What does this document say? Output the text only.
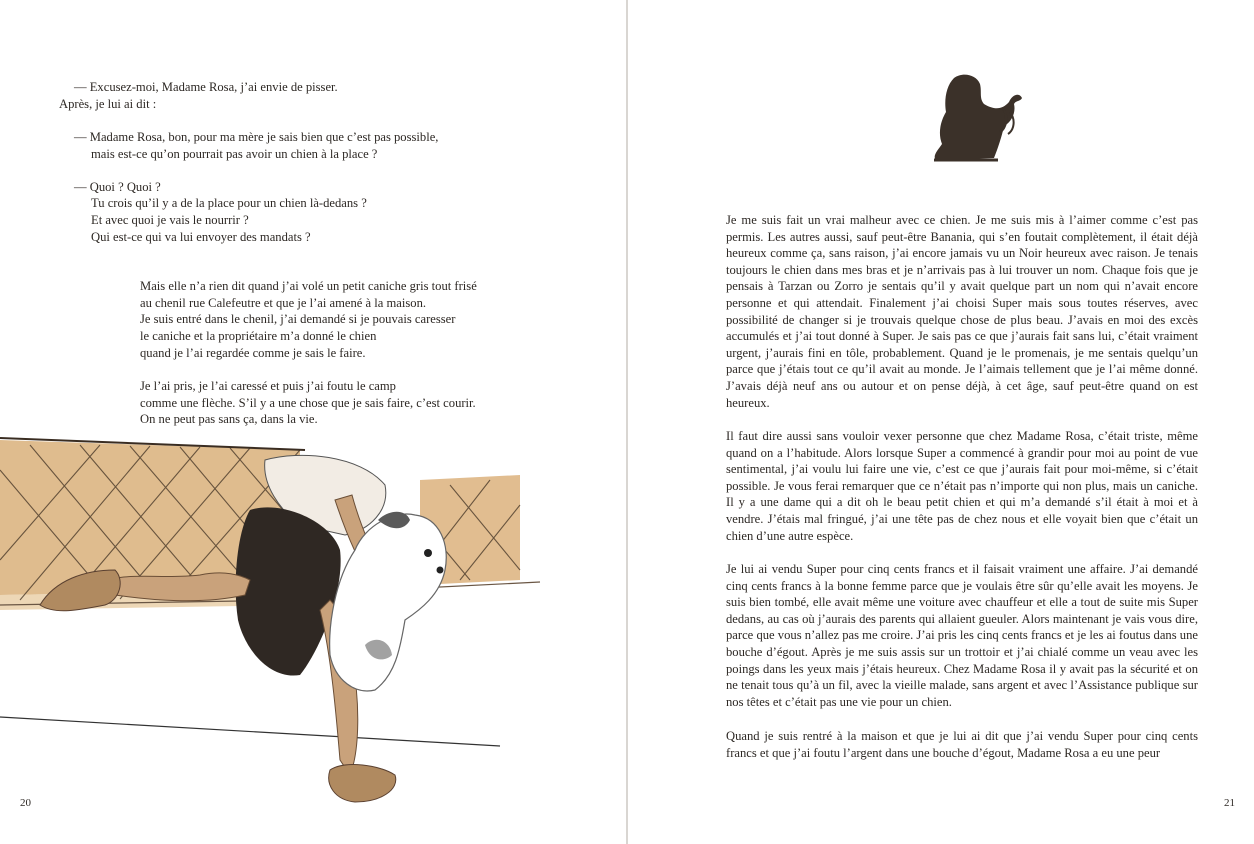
— Excusez-moi, Madame Rosa, j’ai envie de pisser.
Après, je lui ai dit :
— Madame Rosa, bon, pour ma mère je sais bien que c’est pas possible,
mais est-ce qu’on pourrait pas avoir un chien à la place ?
— Quoi ? Quoi ?
Tu crois qu’il y a de la place pour un chien là-dedans ?
Et avec quoi je vais le nourrir ?
Qui est-ce qui va lui envoyer des mandats ?
Mais elle n’a rien dit quand j’ai volé un petit caniche gris tout frisé
au chenil rue Calefeutre et que je l’ai amené à la maison.
Je suis entré dans le chenil, j’ai demandé si je pouvais caresser
le caniche et la propriétaire m’a donné le chien
quand je l’ai regardée comme je sais le faire.
Je l’ai pris, je l’ai caressé et puis j’ai foutu le camp
comme une flèche. S’il y a une chose que je sais faire, c’est courir.
On ne peut pas sans ça, dans la vie.
20

Je me suis fait un vrai malheur avec ce chien. Je me suis mis à l’aimer comme c’est pas permis. Les autres aussi, sauf peut-être Banania, qui s’en foutait complètement, il était déjà heureux comme ça, sans raison, j’ai encore jamais vu un Noir heureux avec raison. Je tenais toujours le chien dans mes bras et je n’arrivais pas à lui trouver un nom. Chaque fois que je pensais à Tarzan ou Zorro je sentais qu’il y avait quelque part un nom qui n’avait encore personne et qui attendait. Finalement j’ai choisi Super mais sous toutes réserves, avec possibilité de changer si je trouvais quelque chose de plus beau. J’avais en moi des excès accumulés et j’ai tout donné à Super. Je sais pas ce que j’aurais fait sans lui, c’était vraiment urgent, j’aurais fini en tôle, probablement. Quand je le promenais, je me sentais quelqu’un parce que j’étais tout ce qu’il avait au monde. Je l’aimais tellement que je l’ai même donné. J’avais déjà neuf ans ou autour et on pense déjà, à cet âge, sauf peut-être quand on est heureux.

Il faut dire aussi sans vouloir vexer personne que chez Madame Rosa, c’était triste, même quand on a l’habitude. Alors lorsque Super a commencé à grandir pour moi au point de vue sentimental, j’ai voulu lui faire une vie, c’est ce que j’aurais fait pour moi-même, si c’était possible. Je vous ferai remarquer que ce n’était pas n’importe qui non plus, mais un caniche. Il y a une dame qui a dit oh le beau petit chien et qui m’a demandé s’il était à moi et à vendre. J’étais mal fringué, j’ai une tête pas de chez nous et elle voyait bien que c’était un chien d’une autre espèce.

Je lui ai vendu Super pour cinq cents francs et il faisait vraiment une affaire. J’ai demandé cinq cents francs à la bonne femme parce que je voulais être sûr qu’elle avait les moyens. Je suis bien tombé, elle avait même une voiture avec chauffeur et elle a tout de suite mis Super dedans, au cas où j’aurais des parents qui allaient gueuler. Alors maintenant je vais vous dire, parce que vous n’allez pas me croire. J’ai pris les cinq cents francs et je les ai foutus dans une bouche d’égout. Après je me suis assis sur un trottoir et j’ai chialé comme un veau avec les poings dans les yeux mais j’étais heureux. Chez Madame Rosa il y avait pas la sécurité et on ne tenait tous qu’à un fil, avec la vieille malade, sans argent et avec l’Assistance publique sur nos têtes et c’était pas une vie pour un chien.

Quand je suis rentré à la maison et que je lui ai dit que j’ai vendu Super pour cinq cents francs et que j’ai foutu l’argent dans une bouche d’égout, Madame Rosa a eu une peur

21
